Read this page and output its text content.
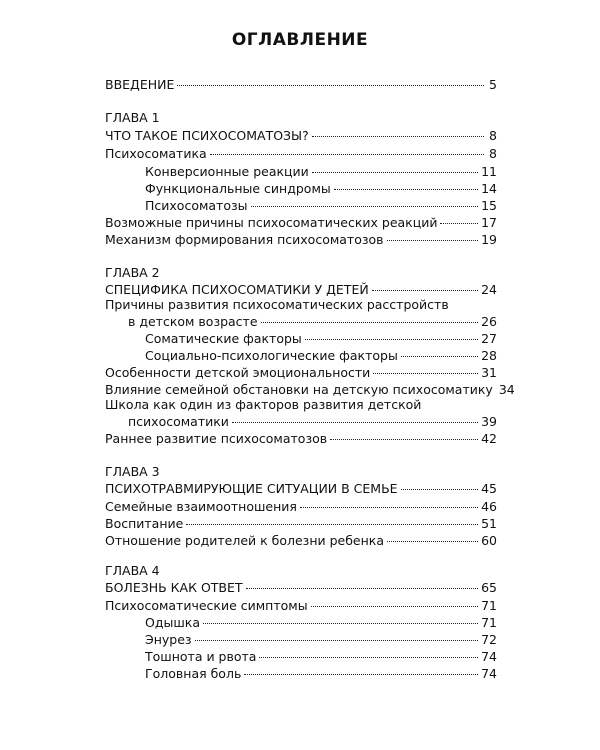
ОГЛАВЛЕНИЕ
ВВЕДЕНИЕ	5
ГЛАВА 1
ЧТО ТАКОЕ ПСИХОСОМАТОЗЫ?	8
Психосоматика	8
Конверсионные реакции	11
Функциональные синдромы	14
Психосоматозы	15
Возможные причины психосоматических реакций	17
Механизм формирования психосоматозов	19
ГЛАВА 2
СПЕЦИФИКА ПСИХОСОМАТИКИ У ДЕТЕЙ	24
Причины развития психосоматических расстройств
в детском возрасте	26
Соматические факторы	27
Социально-психологические факторы	28
Особенности детской эмоциональности	31
Влияние семейной обстановки на детскую психосоматику 34
Школа как один из факторов развития детской
психосоматики	39
Раннее развитие психосоматозов	42
ГЛАВА 3
ПСИХОТРАВМИРУЮЩИЕ СИТУАЦИИ В СЕМЬЕ	45
Семейные взаимоотношения	46
Воспитание	51
Отношение родителей к болезни ребенка	60
ГЛАВА 4
БОЛЕЗНЬ КАК ОТВЕТ	65
Психосоматические симптомы	71
Одышка	71
Энурез	72
Тошнота и рвота	74
Головная боль	74
